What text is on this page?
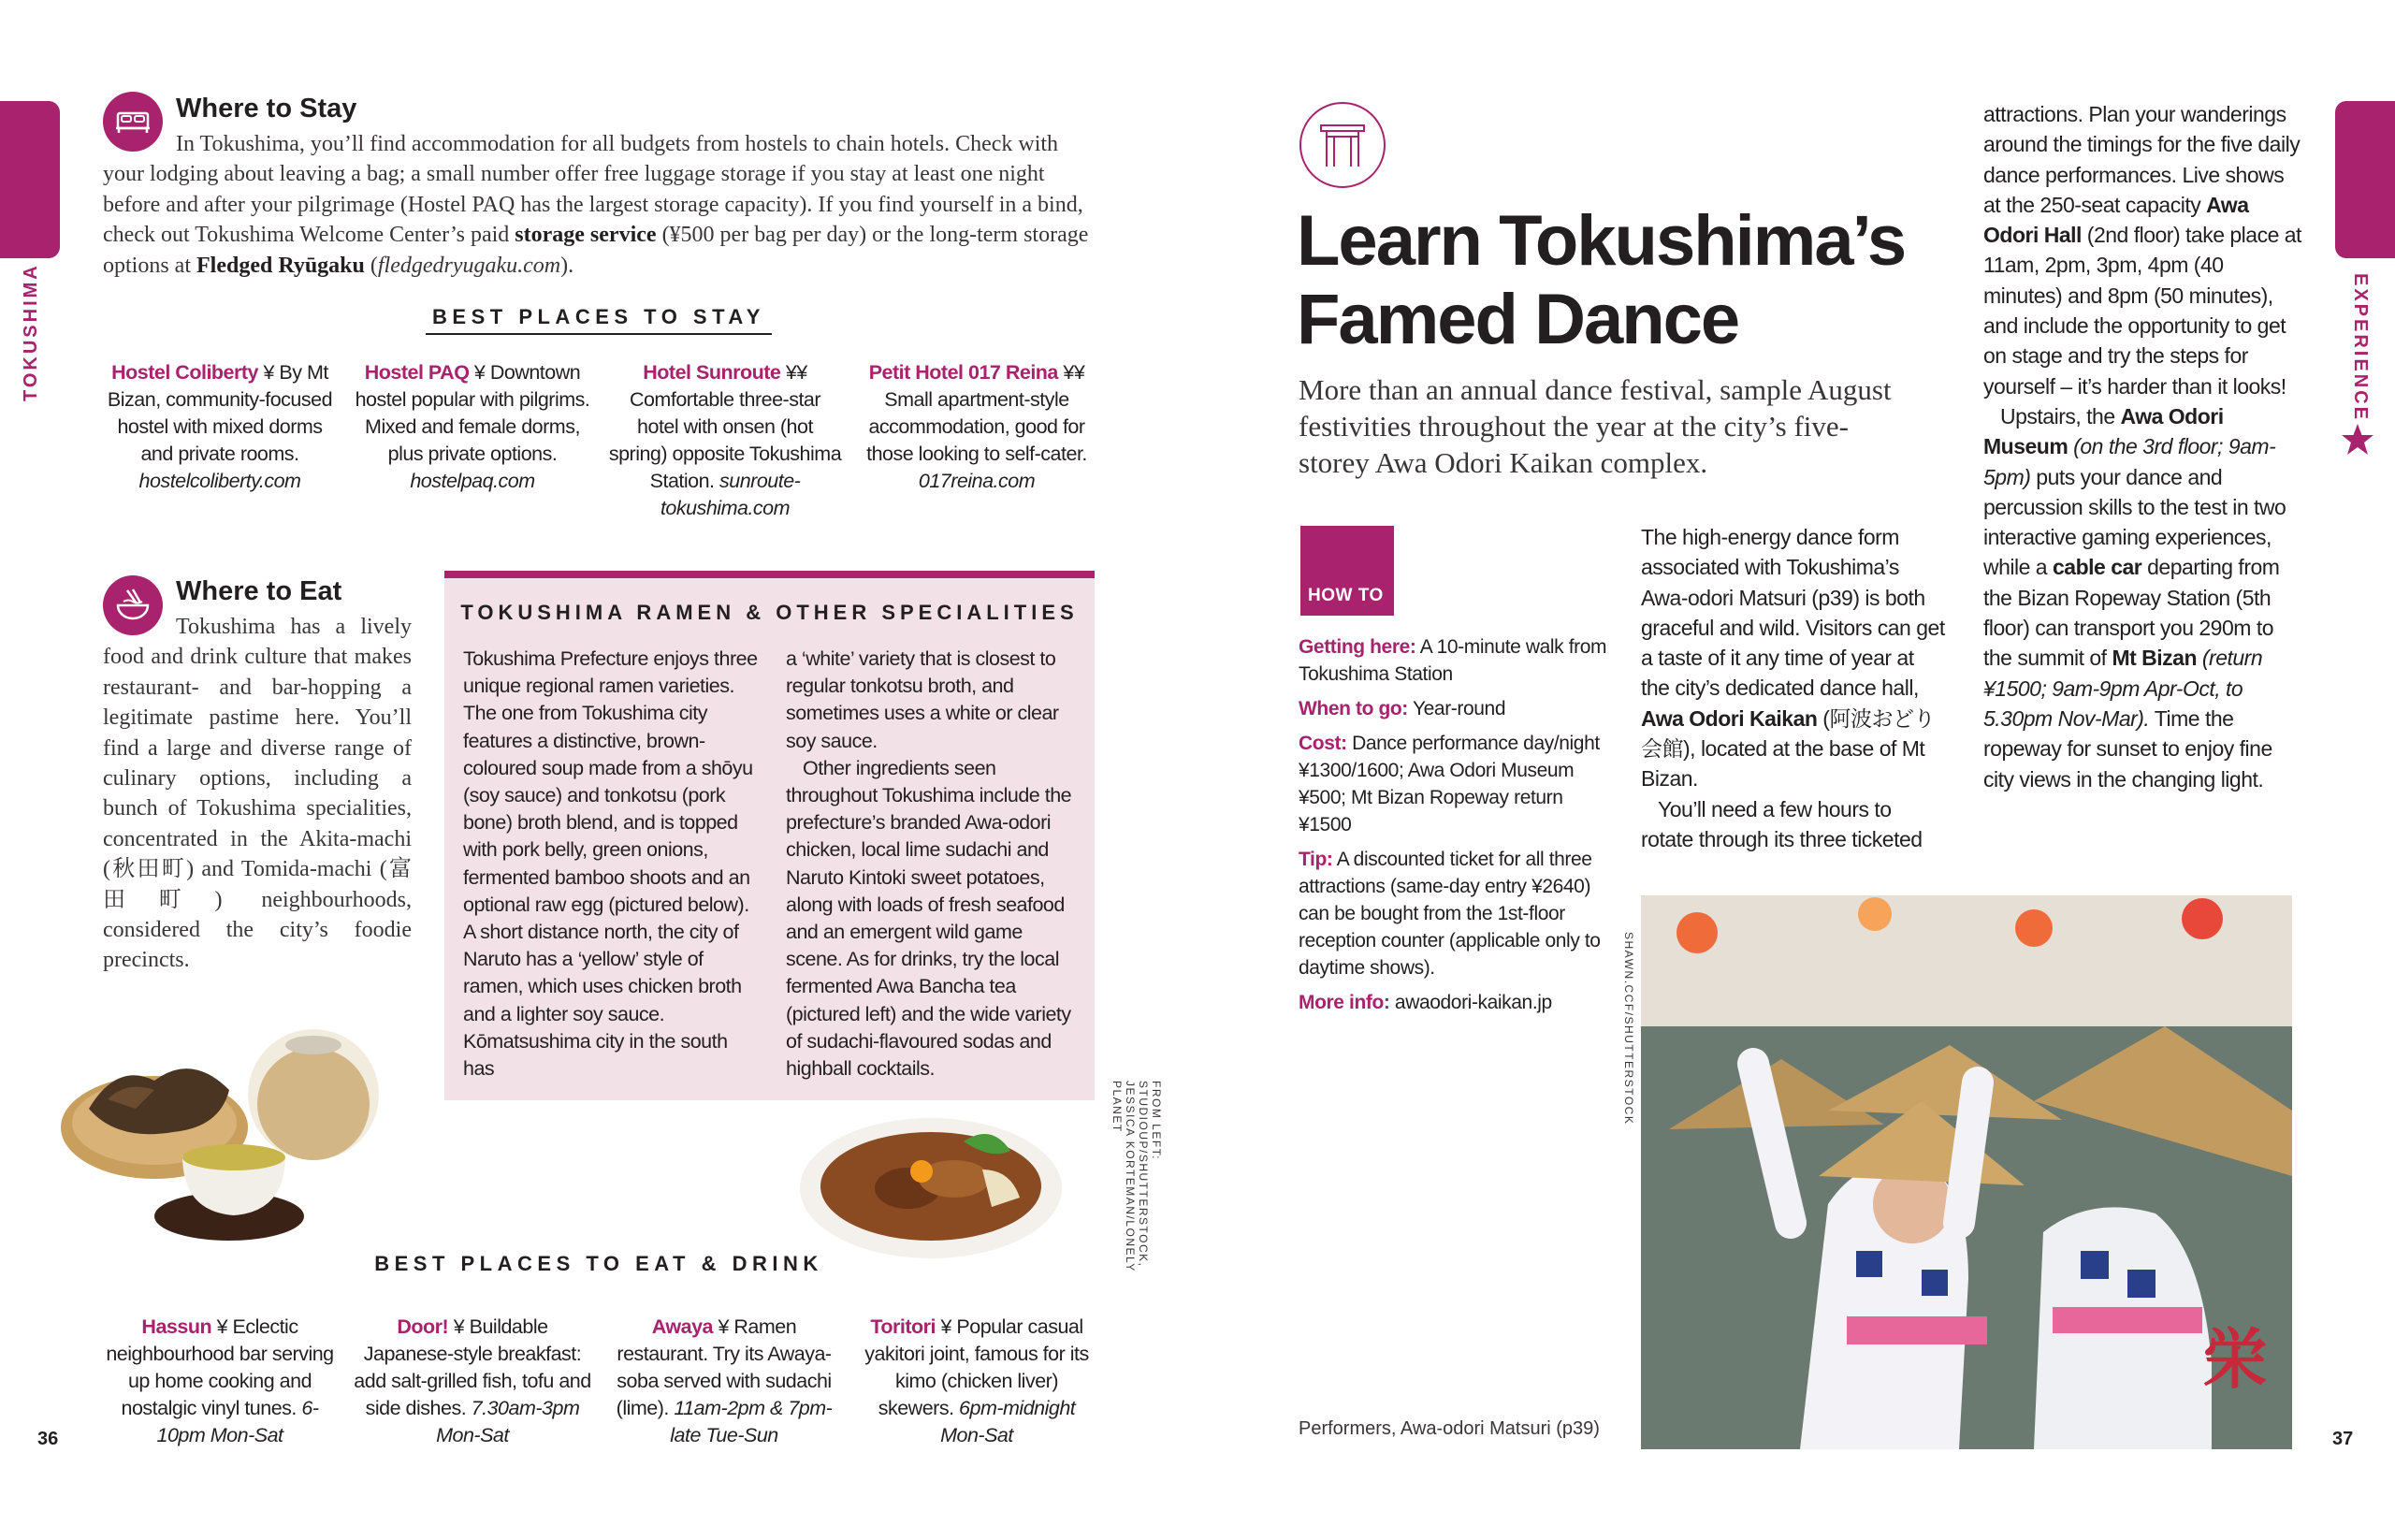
TOKUSHIMA
Where to Stay
In Tokushima, you’ll find accommodation for all budgets from hostels to chain hotels. Check with your lodging about leaving a bag; a small number offer free luggage storage if you stay at least one night before and after your pilgrimage (Hostel PAQ has the largest storage capacity). If you find yourself in a bind, check out Tokushima Welcome Center’s paid storage service (¥500 per bag per day) or the long-term storage options at Fledged Ryūgaku (fledgedryugaku.com).
BEST PLACES TO STAY
Hostel Coliberty ¥ By Mt Bizan, community-focused hostel with mixed dorms and private rooms. hostelcoliberty.com
Hostel PAQ ¥ Downtown hostel popular with pilgrims. Mixed and female dorms, plus private options. hostelpaq.com
Hotel Sunroute ¥¥ Comfortable three-star hotel with onsen (hot spring) opposite Tokushima Station. sunroute-tokushima.com
Petit Hotel 017 Reina ¥¥ Small apartment-style accommodation, good for those looking to self-cater. 017reina.com
Where to Eat
Tokushima has a lively food and drink culture that makes restaurant- and bar-hopping a legitimate pastime here. You’ll find a large and diverse range of culinary options, including a bunch of Tokushima specialities, concentrated in the Akita-machi (秋田町) and Tomida-machi (富田町) neighbourhoods, considered the city’s foodie precincts.
TOKUSHIMA RAMEN & OTHER SPECIALITIES
Tokushima Prefecture enjoys three unique regional ramen varieties. The one from Tokushima city features a distinctive, brown-coloured soup made from a shōyu (soy sauce) and tonkotsu (pork bone) broth blend, and is topped with pork belly, green onions, fermented bamboo shoots and an optional raw egg (pictured below). A short distance north, the city of Naruto has a ‘yellow’ style of ramen, which uses chicken broth and a lighter soy sauce. Kōmatsushima city in the south has
a ‘white’ variety that is closest to regular tonkotsu broth, and sometimes uses a white or clear soy sauce.
Other ingredients seen throughout Tokushima include the prefecture’s branded Awa-odori chicken, local lime sudachi and Naruto Kintoki sweet potatoes, along with loads of fresh seafood and an emergent wild game scene. As for drinks, try the local fermented Awa Bancha tea (pictured left) and the wide variety of sudachi-flavoured sodas and highball cocktails.
FROM LEFT: STUDIOUP/SHUTTERSTOCK, JESSICA KORTEMAN/LONELY PLANET
BEST PLACES TO EAT & DRINK
Hassun ¥ Eclectic neighbourhood bar serving up home cooking and nostalgic vinyl tunes. 6-10pm Mon-Sat
Door! ¥ Buildable Japanese-style breakfast: add salt-grilled fish, tofu and side dishes. 7.30am-3pm Mon-Sat
Awaya ¥ Ramen restaurant. Try its Awaya-soba served with sudachi (lime). 11am-2pm & 7pm-late Tue-Sun
Toritori ¥ Popular casual yakitori joint, famous for its kimo (chicken liver) skewers. 6pm-midnight Mon-Sat
36
EXPERIENCE
Learn Tokushima’s
Famed Dance
More than an annual dance festival, sample August festivities throughout the year at the city’s five-storey Awa Odori Kaikan complex.
HOW TO
Getting here: A 10-minute walk from Tokushima Station
When to go: Year-round
Cost: Dance performance day/night ¥1300/1600; Awa Odori Museum ¥500; Mt Bizan Ropeway return ¥1500
Tip: A discounted ticket for all three attractions (same-day entry ¥2640) can be bought from the 1st-floor reception counter (applicable only to daytime shows).
More info: awaodori-kaikan.jp
The high-energy dance form associated with Tokushima’s Awa-odori Matsuri (p39) is both graceful and wild. Visitors can get a taste of it any time of year at the city’s dedicated dance hall, Awa Odori Kaikan (阿波おどり会館), located at the base of Mt Bizan.
You’ll need a few hours to rotate through its three ticketed
attractions. Plan your wanderings around the timings for the five daily dance performances. Live shows at the 250-seat capacity Awa Odori Hall (2nd floor) take place at 11am, 2pm, 3pm, 4pm (40 minutes) and 8pm (50 minutes), and include the opportunity to get on stage and try the steps for yourself – it’s harder than it looks!
Upstairs, the Awa Odori Museum (on the 3rd floor; 9am-5pm) puts your dance and percussion skills to the test in two interactive gaming experiences, while a cable car departing from the Bizan Ropeway Station (5th floor) can transport you 290m to the summit of Mt Bizan (return ¥1500; 9am-9pm Apr-Oct, to 5.30pm Nov-Mar). Time the ropeway for sunset to enjoy fine city views in the changing light.
栄
SHAWN.CCF/SHUTTERSTOCK
Performers, Awa-odori Matsuri (p39)	37
